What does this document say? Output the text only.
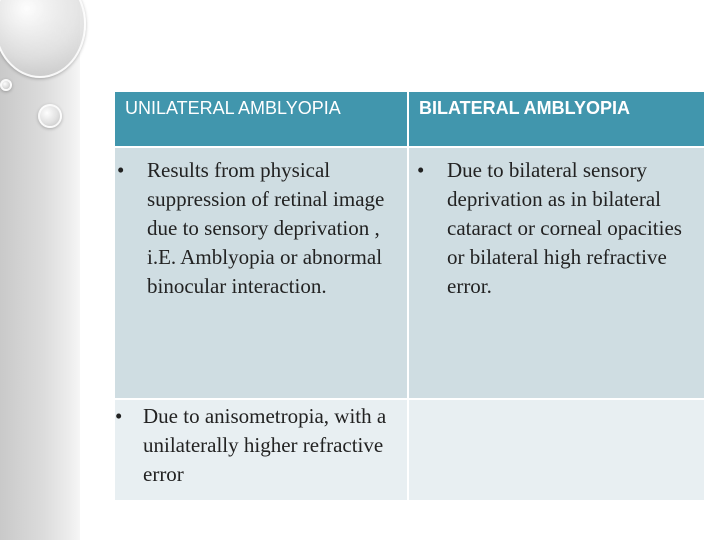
UNILATERAL AMBLYOPIA	BILATERAL AMBLYOPIA

• Results from physical suppression of retinal image due to sensory deprivation , i.E. Amblyopia or abnormal binocular interaction.	• Due to bilateral sensory deprivation as in bilateral cataract or corneal opacities or bilateral high refractive error.

• Due to anisometropia, with a unilaterally higher refractive error	
